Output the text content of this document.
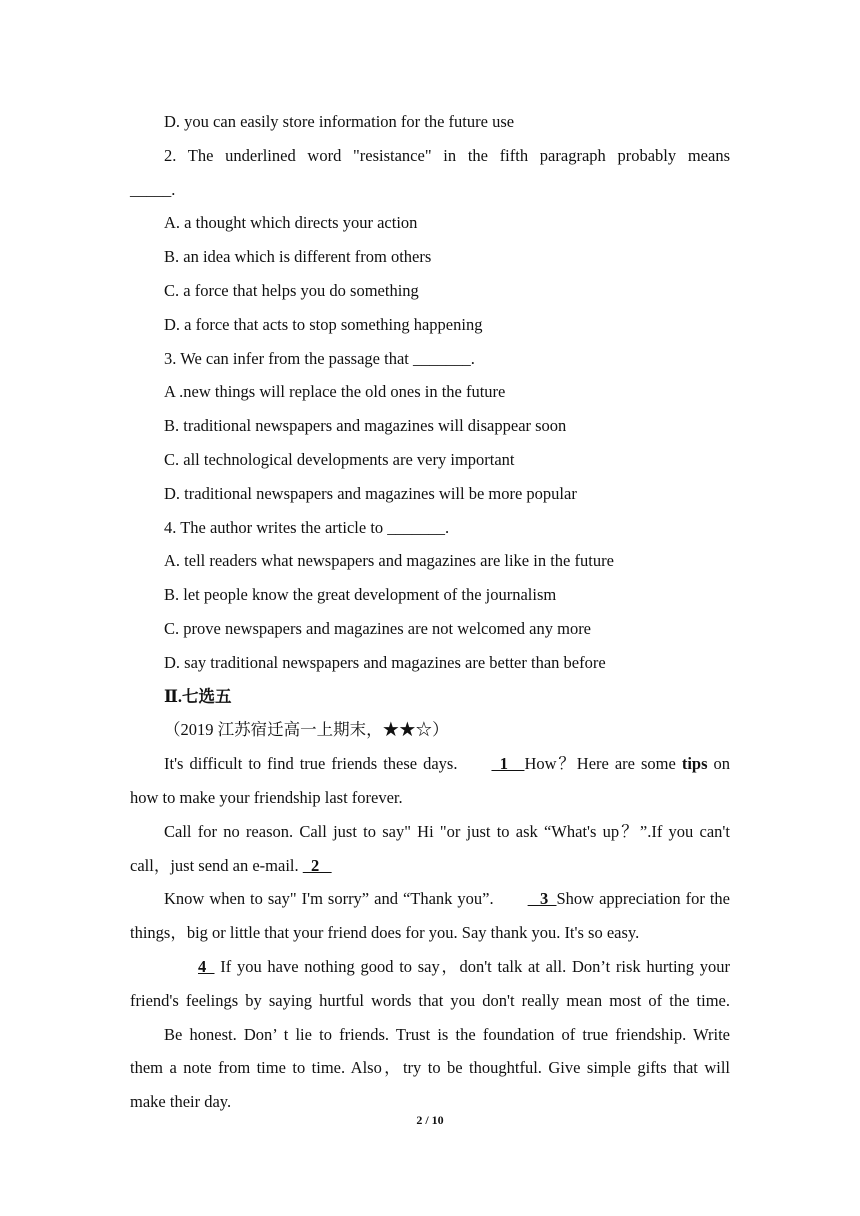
D. you can easily store information for the future use

2. The underlined word "resistance" in the fifth paragraph probably means

_____.

A. a thought which directs your action

B. an idea which is different from others

C. a force that helps you do something

D. a force that acts to stop something happening

3. We can infer from the passage that _______.

A .new things will replace the old ones in the future

B. traditional newspapers and magazines will disappear soon

C. all technological developments are very important

D. traditional newspapers and magazines will be more popular

4. The author writes the article to _______.

A. tell readers what newspapers and magazines are like in the future

B. let people know the great development of the journalism

C. prove newspapers and magazines are not welcomed any more

D. say traditional newspapers and magazines are better than before

Ⅱ.七选五

（2019 江苏宿迁高一上期末，★★☆）

It's difficult to find true friends these days.  1    How？Here are some tips on

how to make your friendship last forever.

Call for no reason. Call just to say" Hi "or just to ask “What's up？”.If you can't

call，just send an e-mail.   2

Know when to say" I'm sorry” and “Thank you”.   3  Show appreciation for the

things，big or little that your friend does for you. Say thank you. It's so easy.

4   If you have nothing good to say，don't talk at all. Don’t risk hurting your

friend's feelings by saying hurtful words that you don't really mean most of the time.

Be honest. Don’ t lie to friends. Trust is the foundation of true friendship. Write

them a note from time to time. Also，try to be thoughtful. Give simple gifts that will

make their day.

2 / 10
